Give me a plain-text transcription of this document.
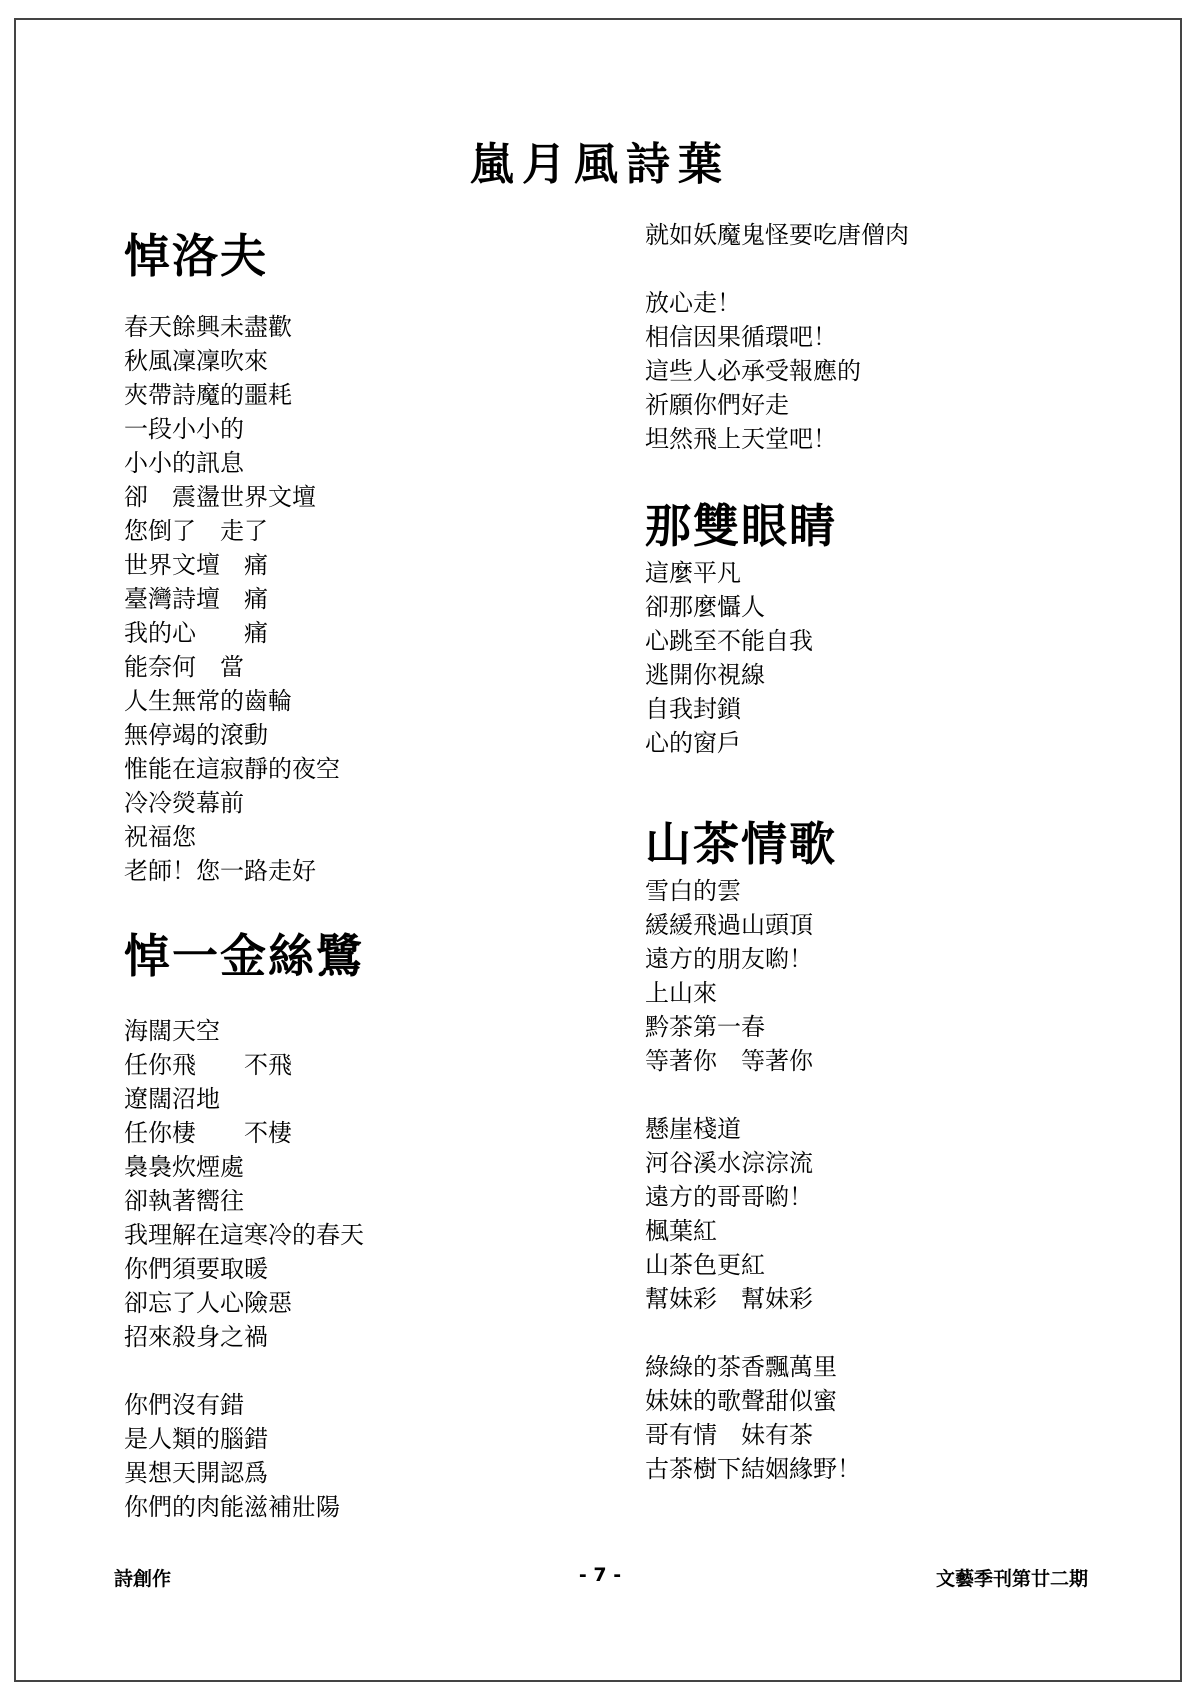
嵐月風詩葉
悼洛夫
春天餘興未盡歡
秋風凜凜吹來
夾帶詩魔的噩耗
一段小小的
小小的訊息
卻　震盪世界文壇
您倒了　走了
世界文壇　痛
臺灣詩壇　痛
我的心　　痛
能奈何　當
人生無常的齒輪
無停竭的滾動
惟能在這寂靜的夜空
冷冷熒幕前
祝福您
老師！您一路走好
悼一金絲鷺
海闊天空
任你飛　　不飛
遼闊沼地
任你棲　　不棲
裊裊炊煙處
卻執著嚮往
我理解在這寒冷的春天
你們須要取暖
卻忘了人心險惡
招來殺身之禍
你們沒有錯
是人類的腦錯
異想天開認爲
你們的肉能滋補壯陽
就如妖魔鬼怪要吃唐僧肉
放心走！
相信因果循環吧！
這些人必承受報應的
祈願你們好走
坦然飛上天堂吧！
那雙眼睛
這麼平凡
卻那麼懾人
心跳至不能自我
逃開你視線
自我封鎖
心的窗戶
山茶情歌
雪白的雲
緩緩飛過山頭頂
遠方的朋友喲！
上山來
黔茶第一春
等著你　等著你
懸崖棧道
河谷溪水淙淙流
遠方的哥哥喲！
楓葉紅
山茶色更紅
幫妹彩　幫妹彩
綠綠的茶香飄萬里
妹妹的歌聲甜似蜜
哥有情　妹有茶
古茶樹下結姻緣野！
詩創作	- 7 -	文藝季刊第廿二期
